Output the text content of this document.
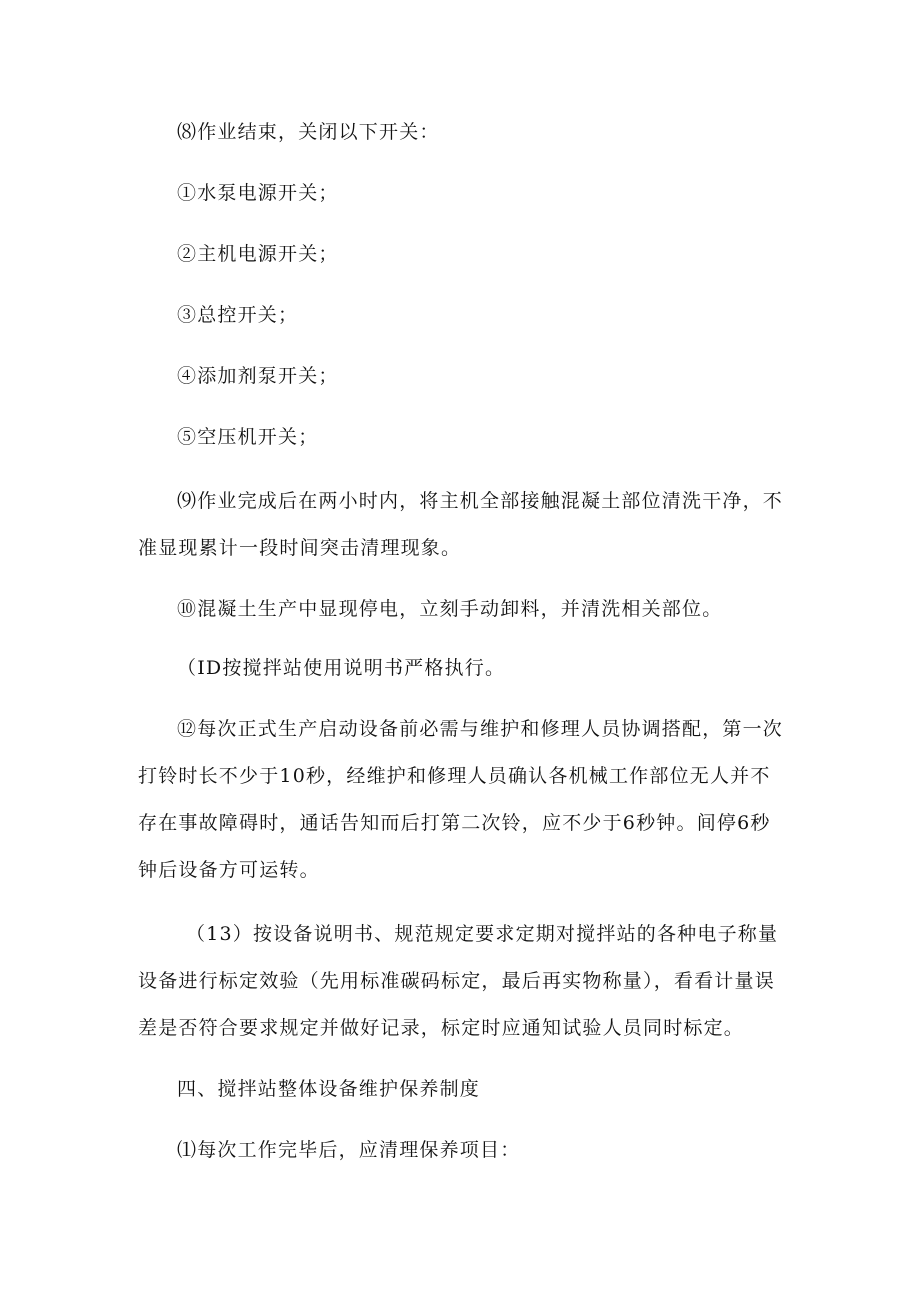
⑻作业结束，关闭以下开关：

①水泵电源开关；

②主机电源开关；

③总控开关；

④添加剂泵开关；

⑤空压机开关；

⑼作业完成后在两小时内，将主机全部接触混凝土部位清洗干净，不准显现累计一段时间突击清理现象。

⑩混凝土生产中显现停电，立刻手动卸料，并清洗相关部位。

（ID按搅拌站使用说明书严格执行。

⑫每次正式生产启动设备前必需与维护和修理人员协调搭配，第一次打铃时长不少于10秒，经维护和修理人员确认各机械工作部位无人并不存在事故障碍时，通话告知而后打第二次铃，应不少于6秒钟。间停6秒钟后设备方可运转。

（13）按设备说明书、规范规定要求定期对搅拌站的各种电子称量设备进行标定效验（先用标准碳码标定，最后再实物称量），看看计量误差是否符合要求规定并做好记录，标定时应通知试验人员同时标定。

四、搅拌站整体设备维护保养制度

⑴每次工作完毕后，应清理保养项目：
